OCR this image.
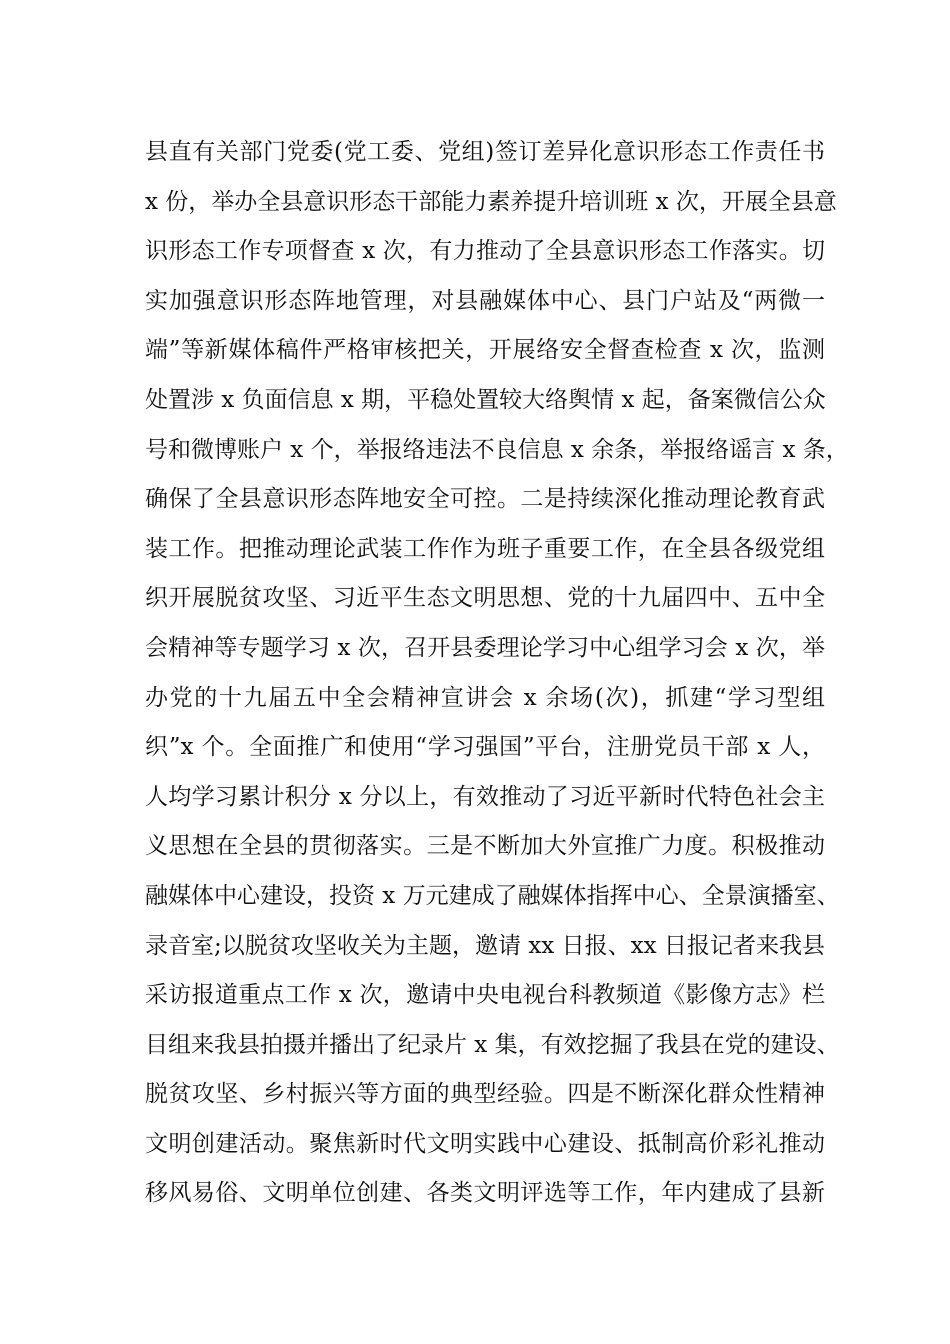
县直有关部门党委(党工委、党组)签订差异化意识形态工作责任书
x 份，举办全县意识形态干部能力素养提升培训班 x 次，开展全县意
识形态工作专项督查 x 次，有力推动了全县意识形态工作落实。切
实加强意识形态阵地管理，对县融媒体中心、县门户站及“两微一
端”等新媒体稿件严格审核把关，开展络安全督查检查 x 次，监测
处置涉 x 负面信息 x 期，平稳处置较大络舆情 x 起，备案微信公众
号和微博账户 x 个，举报络违法不良信息 x 余条，举报络谣言 x 条，
确保了全县意识形态阵地安全可控。二是持续深化推动理论教育武
装工作。把推动理论武装工作作为班子重要工作，在全县各级党组
织开展脱贫攻坚、习近平生态文明思想、党的十九届四中、五中全
会精神等专题学习 x 次，召开县委理论学习中心组学习会 x 次，举
办党的十九届五中全会精神宣讲会 x 余场(次)，抓建“学习型组
织”x 个。全面推广和使用“学习强国”平台，注册党员干部 x 人，
人均学习累计积分 x 分以上，有效推动了习近平新时代特色社会主
义思想在全县的贯彻落实。三是不断加大外宣推广力度。积极推动
融媒体中心建设，投资 x 万元建成了融媒体指挥中心、全景演播室、
录音室;以脱贫攻坚收关为主题，邀请 xx 日报、xx 日报记者来我县
采访报道重点工作 x 次，邀请中央电视台科教频道《影像方志》栏
目组来我县拍摄并播出了纪录片 x 集，有效挖掘了我县在党的建设、
脱贫攻坚、乡村振兴等方面的典型经验。四是不断深化群众性精神
文明创建活动。聚焦新时代文明实践中心建设、抵制高价彩礼推动
移风易俗、文明单位创建、各类文明评选等工作，年内建成了县新
